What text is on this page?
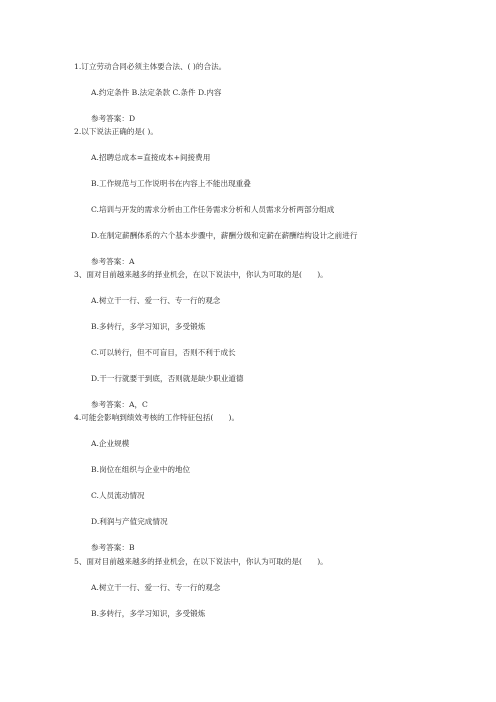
1.订立劳动合同必须主体要合法、( )的合法。
A.约定条件 B.法定条款 C.条件 D.内容
参考答案：D
2.以下说法正确的是( )。
A.招聘总成本=直接成本+间接费用
B.工作规范与工作说明书在内容上不能出现重叠
C.培训与开发的需求分析由工作任务需求分析和人员需求分析两部分组成
D.在制定薪酬体系的六个基本步骤中，薪酬分级和定薪在薪酬结构设计之前进行
参考答案：A
3、面对目前越来越多的择业机会，在以下说法中，你认为可取的是(　　)。
A.树立干一行、爱一行、专一行的观念
B.多转行，多学习知识，多受锻炼
C.可以转行，但不可盲目，否则不利于成长
D.干一行就要干到底，否则就是缺少职业道德
参考答案：A，C
4.可能会影响到绩效考核的工作特征包括(　　)。
A.企业规模
B.岗位在组织与企业中的地位
C.人员流动情况
D.利润与产值完成情况
参考答案：B
5、面对目前越来越多的择业机会，在以下说法中，你认为可取的是(　　)。
A.树立干一行、爱一行、专一行的观念
B.多转行，多学习知识，多受锻炼
